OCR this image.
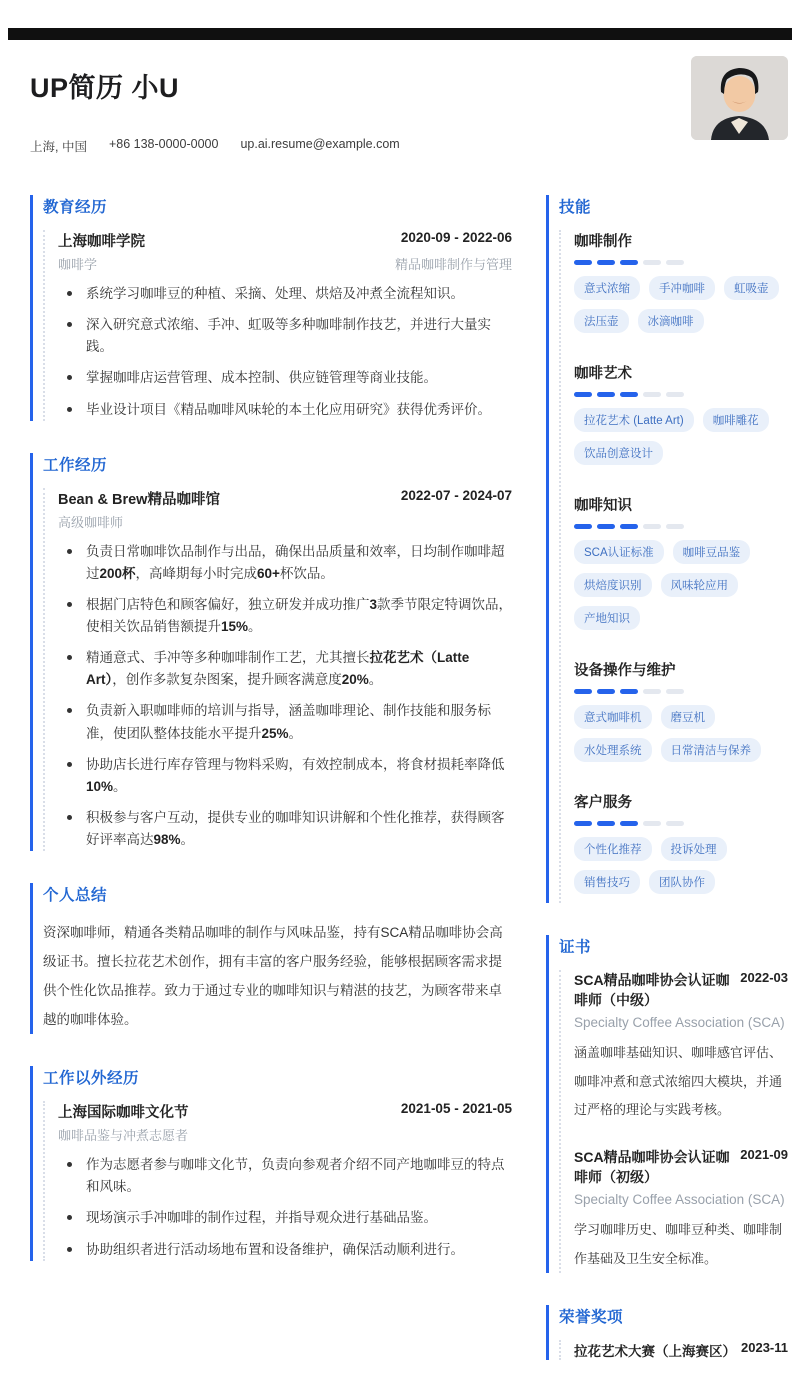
UP简历 小U
上海, 中国 +86 138-0000-0000 up.ai.resume@example.com
教育经历
上海咖啡学院	2020-09 - 2022-06
咖啡学	精品咖啡制作与管理
系统学习咖啡豆的种植、采摘、处理、烘焙及冲煮全流程知识。
深入研究意式浓缩、手冲、虹吸等多种咖啡制作技艺，并进行大量实践。
掌握咖啡店运营管理、成本控制、供应链管理等商业技能。
毕业设计项目《精品咖啡风味轮的本土化应用研究》获得优秀评价。
工作经历
Bean & Brew精品咖啡馆	2022-07 - 2024-07
高级咖啡师
负责日常咖啡饮品制作与出品，确保出品质量和效率，日均制作咖啡超过200杯，高峰期每小时完成60+杯饮品。
根据门店特色和顾客偏好，独立研发并成功推广3款季节限定特调饮品，使相关饮品销售额提升15%。
精通意式、手冲等多种咖啡制作工艺，尤其擅长拉花艺术（Latte Art），创作多款复杂图案，提升顾客满意度20%。
负责新入职咖啡师的培训与指导，涵盖咖啡理论、制作技能和服务标准，使团队整体技能水平提升25%。
协助店长进行库存管理与物料采购，有效控制成本，将食材损耗率降低10%。
积极参与客户互动，提供专业的咖啡知识讲解和个性化推荐，获得顾客好评率高达98%。
个人总结
资深咖啡师，精通各类精品咖啡的制作与风味品鉴，持有SCA精品咖啡协会高级证书。擅长拉花艺术创作，拥有丰富的客户服务经验，能够根据顾客需求提供个性化饮品推荐。致力于通过专业的咖啡知识与精湛的技艺，为顾客带来卓越的咖啡体验。
工作以外经历
上海国际咖啡文化节	2021-05 - 2021-05
咖啡品鉴与冲煮志愿者
作为志愿者参与咖啡文化节，负责向参观者介绍不同产地咖啡豆的特点和风味。
现场演示手冲咖啡的制作过程，并指导观众进行基础品鉴。
协助组织者进行活动场地布置和设备维护，确保活动顺利进行。
技能
咖啡制作
意式浓缩	手冲咖啡	虹吸壶
法压壶	冰滴咖啡
咖啡艺术
拉花艺术 (Latte Art)	咖啡雕花
饮品创意设计
咖啡知识
SCA认证标准	咖啡豆品鉴
烘焙度识别	风味轮应用
产地知识
设备操作与维护
意式咖啡机	磨豆机
水处理系统	日常清洁与保养
客户服务
个性化推荐	投诉处理
销售技巧	团队协作
证书
SCA精品咖啡协会认证咖啡师（中级）
2022-03
Specialty Coffee Association (SCA)
涵盖咖啡基础知识、咖啡感官评估、咖啡冲煮和意式浓缩四大模块，并通过严格的理论与实践考核。
SCA精品咖啡协会认证咖啡师（初级）
2021-09
Specialty Coffee Association (SCA)
学习咖啡历史、咖啡豆种类、咖啡制作基础及卫生安全标准。
荣誉奖项
拉花艺术大赛（上海赛区） 2023-11
